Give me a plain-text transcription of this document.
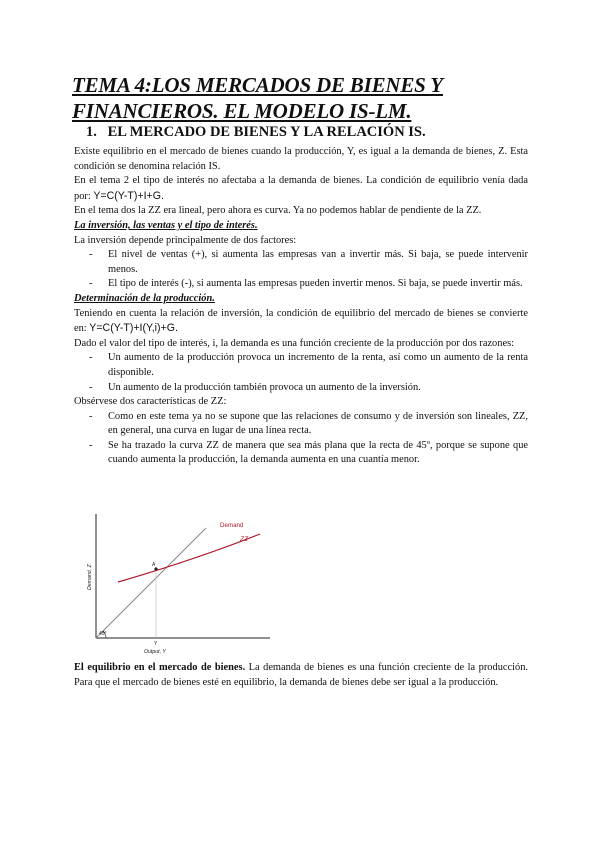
TEMA 4:LOS MERCADOS DE BIENES Y FINANCIEROS. EL MODELO IS-LM.
1. EL MERCADO DE BIENES Y LA RELACIÓN IS.

Existe equilibrio en el mercado de bienes cuando la producción, Y, es igual a la demanda de bienes, Z. Esta condición se denomina relación IS.

En el tema 2 el tipo de interés no afectaba a la demanda de bienes. La condición de equilibrio venía dada por: Y=C(Y-T)+I+G.

En el tema dos la ZZ era lineal, pero ahora es curva. Ya no podemos hablar de pendiente de la ZZ.

La inversión, las ventas y el tipo de interés.

La inversión depende principalmente de dos factores:

- El nivel de ventas (+), si aumenta las empresas van a invertir más. Si baja, se puede intervenir menos.
- El tipo de interés (-), si aumenta las empresas pueden invertir menos. Si baja, se puede invertir más.

Determinación de la producción.

Teniendo en cuenta la relación de inversión, la condición de equilibrio del mercado de bienes se convierte en: Y=C(Y-T)+I(Y,i)+G.

Dado el valor del tipo de interés, i, la demanda es una función creciente de la producción por dos razones:

- Un aumento de la producción provoca un incremento de la renta, así como un aumento de la renta disponible.
- Un aumento de la producción también provoca un aumento de la inversión.

Obsérvese dos características de ZZ:

- Como en este tema ya no se supone que las relaciones de consumo y de inversión son lineales, ZZ, en general, una curva en lugar de una línea recta.
- Se ha trazado la curva ZZ de manera que sea más plana que la recta de 45º, porque se supone que cuando aumenta la producción, la demanda aumenta en una cuantía menor.
Demand
ZZ
A
45°
Y
Output, Y
Demand, Z

El equilibrio en el mercado de bienes. La demanda de bienes es una función creciente de la producción. Para que el mercado de bienes esté en equilibrio, la demanda de bienes debe ser igual a la producción.
